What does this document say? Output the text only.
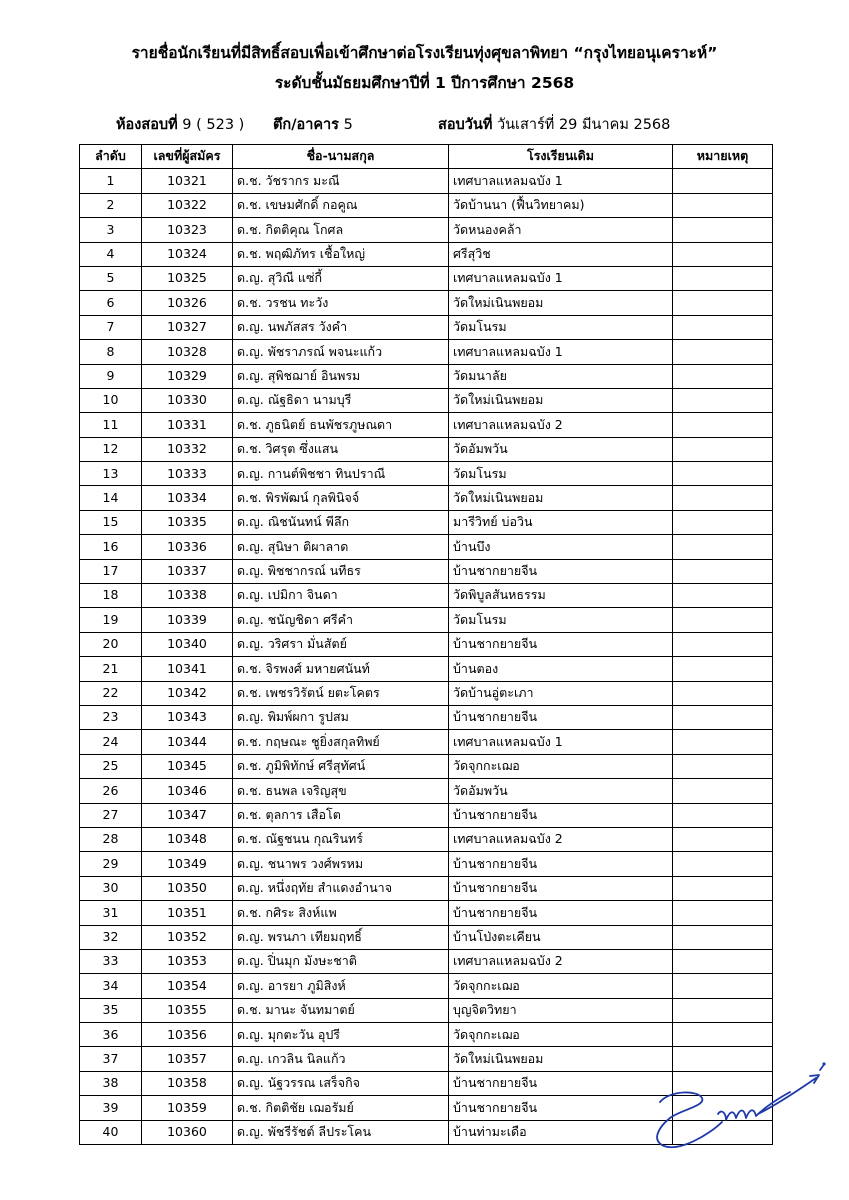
รายชื่อนักเรียนที่มีสิทธิ์สอบเพื่อเข้าศึกษาต่อโรงเรียนทุ่งศุขลาพิทยา “กรุงไทยอนุเคราะห์”
ระดับชั้นมัธยมศึกษาปีที่ 1 ปีการศึกษา 2568
ห้องสอบที่ 9 ( 523 ) ตึก/อาคาร 5	สอบวันที่ วันเสาร์ที่ 29 มีนาคม 2568
ลำดับ	เลขที่ผู้สมัคร	ชื่อ-นามสกุล	โรงเรียนเดิม	หมายเหตุ
1	10321	ด.ช. วัชรากร มะณี	เทศบาลแหลมฉบัง 1	
2	10322	ด.ช. เขษมศักดิ์ กอคูณ	วัดบ้านนา (ฟื้นวิทยาคม)	
3	10323	ด.ช. กิตติคุณ โกศล	วัดหนองคล้า	
4	10324	ด.ช. พฤฒิภัทร เชื้อใหญ่	ศรีสุวิช	
5	10325	ด.ญ. สุวิณี แซ่กี้	เทศบาลแหลมฉบัง 1	
6	10326	ด.ช. วรชน ทะวัง	วัดใหม่เนินพยอม	
7	10327	ด.ญ. นพภัสสร วังคำ	วัดมโนรม	
8	10328	ด.ญ. พัชราภรณ์ พจนะแก้ว	เทศบาลแหลมฉบัง 1	
9	10329	ด.ญ. สุพิชฌาย์ อินพรม	วัดมนาลัย	
10	10330	ด.ญ. ณัฐธิดา นามบุรี	วัดใหม่เนินพยอม	
11	10331	ด.ช. ภูธนิตย์ ธนพัชรภูษณดา	เทศบาลแหลมฉบัง 2	
12	10332	ด.ช. วิศรุต ซึ่งแสน	วัดอัมพวัน	
13	10333	ด.ญ. กานต์พิชชา ทินปราณี	วัดมโนรม	
14	10334	ด.ช. พิรพัฒน์ กุลพินิจจ์	วัดใหม่เนินพยอม	
15	10335	ด.ญ. ณิชนันทน์ พีลึก	มารีวิทย์ บ่อวิน	
16	10336	ด.ญ. สุนิษา ติผาลาด	บ้านบึง	
17	10337	ด.ญ. พิชชากรณ์ นทีธร	บ้านชากยายจีน	
18	10338	ด.ญ. เปมิกา จินดา	วัดพิบูลสันหธรรม	
19	10339	ด.ญ. ชนัญชิดา ศรีคำ	วัดมโนรม	
20	10340	ด.ญ. วริศรา มั่นสัตย์	บ้านชากยายจีน	
21	10341	ด.ช. จิรพงศ์ มหายศนันท์	บ้านตอง	
22	10342	ด.ช. เพชรวิรัตน์ ยตะโคตร	วัดบ้านอู่ตะเภา	
23	10343	ด.ญ. พิมพ์ผกา รูปสม	บ้านชากยายจีน	
24	10344	ด.ช. กฤษณะ ชูยิ่งสกุลทิพย์	เทศบาลแหลมฉบัง 1	
25	10345	ด.ช. ภูมิพิทักษ์ ศรีสุทัศน์	วัดจุกกะเฌอ	
26	10346	ด.ช. ธนพล เจริญสุข	วัดอัมพวัน	
27	10347	ด.ช. ตุลการ เสือโต	บ้านชากยายจีน	
28	10348	ด.ช. ณัฐชนน กุณรินทร์	เทศบาลแหลมฉบัง 2	
29	10349	ด.ญ. ชนาพร วงศ์พรหม	บ้านชากยายจีน	
30	10350	ด.ญ. หนึ่งฤทัย สำแดงอำนาจ	บ้านชากยายจีน	
31	10351	ด.ช. กศิระ สิงห์แพ	บ้านชากยายจีน	
32	10352	ด.ญ. พรนภา เทียมฤทธิ์	บ้านโป่งตะเคียน	
33	10353	ด.ญ. ปิ่นมุก มังษะชาติ	เทศบาลแหลมฉบัง 2	
34	10354	ด.ญ. อารยา ภูมิสิงห์	วัดจุกกะเฌอ	
35	10355	ด.ช. มานะ จันทมาตย์	บุญจิตวิทยา	
36	10356	ด.ญ. มุกตะวัน อุปรี	วัดจุกกะเฌอ	
37	10357	ด.ญ. เกวลิน นิลแก้ว	วัดใหม่เนินพยอม	
38	10358	ด.ญ. นัฐวรรณ เสร็จกิจ	บ้านชากยายจีน	
39	10359	ด.ช. กิตติชัย เฌอรัมย์	บ้านชากยายจีน	
40	10360	ด.ญ. พัชรีรัชต์ ลีประโคน	บ้านท่ามะเดือ	
